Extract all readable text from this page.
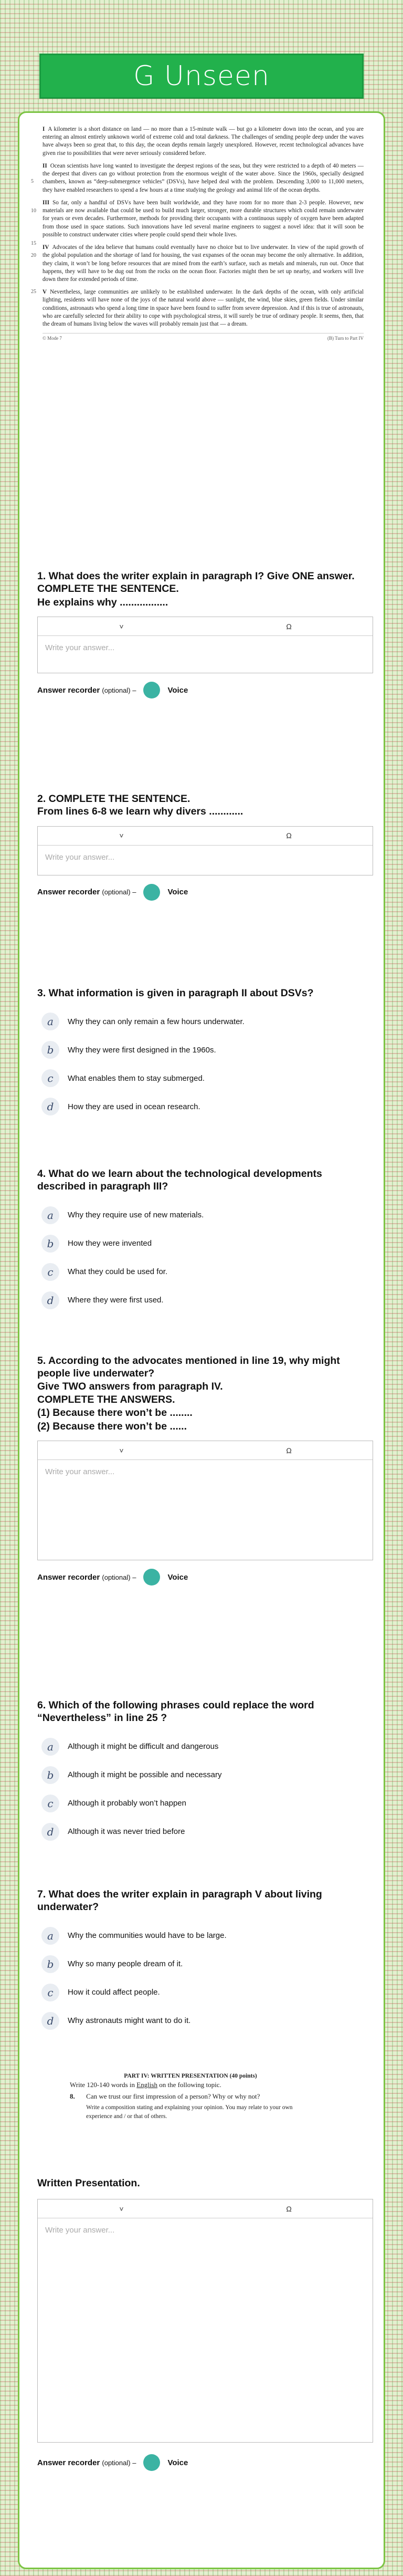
G Unseen

I A kilometer is a short distance on land — no more than a 15-minute walk — but go a kilometer down into the ocean, and you are entering an almost entirely unknown world of extreme cold and total darkness. The challenges of sending people deep under the waves have always been so great that, to this day, the ocean depths remain largely unexplored. However, recent technological advances have given rise to possibilities that were never seriously considered before.

5
II Ocean scientists have long wanted to investigate the deepest regions of the seas, but they were restricted to a depth of 40 meters — the deepest that divers can go without protection from the enormous weight of the water above. Since the 1960s, specially designed chambers, known as “deep-submergence vehicles” (DSVs), have helped deal with the problem. Descending 3,000 to 11,000 meters, they have enabled researchers to spend a few hours at a time studying the geology and animal life of the ocean depths.

10
15
III So far, only a handful of DSVs have been built worldwide, and they have room for no more than 2-3 people. However, new materials are now available that could be used to build much larger, stronger, more durable structures which could remain underwater for years or even decades. Furthermore, methods for providing their occupants with a continuous supply of oxygen have been adapted from those used in space stations. Such innovations have led several marine engineers to suggest a novel idea: that it will soon be possible to construct underwater cities where people could spend their whole lives.

20
IV Advocates of the idea believe that humans could eventually have no choice but to live underwater. In view of the rapid growth of the global population and the shortage of land for housing, the vast expanses of the ocean may become the only alternative. In addition, they claim, it won’t be long before resources that are mined from the earth’s surface, such as metals and minerals, run out. Once that happens, they will have to be dug out from the rocks on the ocean floor. Factories might then be set up nearby, and workers will live down there for extended periods of time.

25 V Nevertheless, large communities are unlikely to be established underwater. In the dark depths of the ocean, with only artificial lighting, residents will have none of the joys of the natural world above — sunlight, the wind, blue skies, green fields. Under similar conditions, astronauts who spend a long time in space have been found to suffer from severe depression. And if this is true of astronauts, who are carefully selected for their ability to cope with psychological stress, it will surely be true of ordinary people. It seems, then, that the dream of humans living below the waves will probably remain just that — a dream.

© Mode 7	(B) Turn to Part IV
1. What does the writer explain in paragraph I? Give ONE answer.
COMPLETE THE SENTENCE.
He explains why .................
˅	Ω
Write your answer...
Answer recorder
(optional) –	Voice
2. COMPLETE THE SENTENCE.
From lines 6-8 we learn why divers ............
˅	Ω
Write your answer...
Answer recorder
(optional) –	Voice
3. What information is given in paragraph II about DSVs?
a	Why they can only remain a few hours underwater.
b	Why they were first designed in the 1960s.
c	What enables them to stay submerged.
d	How they are used in ocean research.
4. What do we learn about the technological developments described in paragraph III?
a	Why they require use of new materials.
b	How they were invented
c	What they could be used for.
d	Where they were first used.
5. According to the advocates mentioned in line 19, why might people live underwater?
Give TWO answers from paragraph IV.
COMPLETE THE ANSWERS.
(1) Because there won’t be ........
(2) Because there won’t be ......
˅	Ω
Write your answer...
Answer recorder
(optional) –	Voice
6. Which of the following phrases could replace the word “Nevertheless” in line 25 ?
a	Although it might be difficult and dangerous
b	Although it might be possible and necessary
c	Although it probably won’t happen
d	Although it was never tried before
7. What does the writer explain in paragraph V about living underwater?
a	Why the communities would have to be large.
b	Why so many people dream of it.
c	How it could affect people.
d	Why astronauts might want to do it.
PART IV: WRITTEN PRESENTATION (40 points)
Write 120-140 words in English on the following topic.
8.	Can we trust our first impression of a person? Why or why not?
Write a composition stating and explaining your opinion. You may relate to your own experience and / or that of others.
Written Presentation.
˅	Ω
Write your answer...
Answer recorder
(optional) –	Voice
